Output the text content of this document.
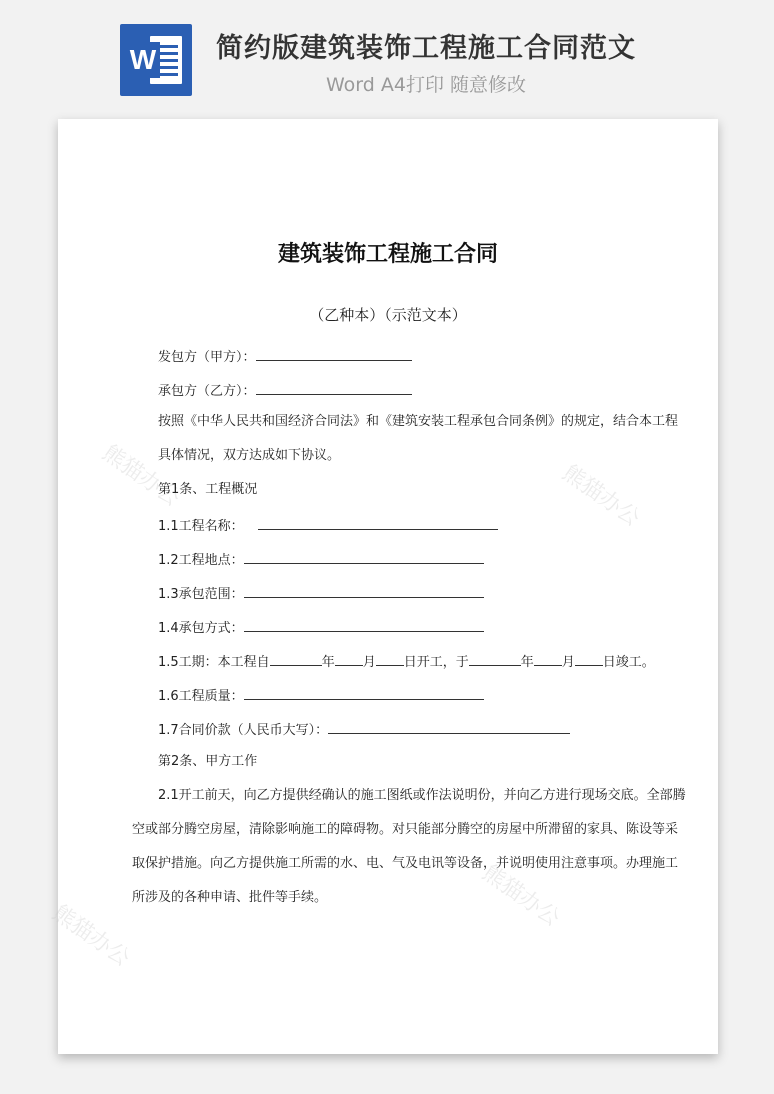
W 简约版建筑装饰工程施工合同范文
Word A4打印 随意修改
熊猫办公	熊猫办公
熊猫办公
熊猫办公
建筑装饰工程施工合同
（乙种本）（示范文本）
发包方（甲方）：
承包方（乙方）：
按照《中华人民共和国经济合同法》和《建筑安装工程承包合同条例》的规定，结合本工程
具体情况，双方达成如下协议。
第1条、工程概况
1.1工程名称：
1.2工程地点：
1.3承包范围：
1.4承包方式：
1.5工期：本工程自	年 月 日开工，于	年 月 日竣工。
1.6工程质量：
1.7合同价款（人民币大写）：
第2条、甲方工作
2.1开工前天，向乙方提供经确认的施工图纸或作法说明份，并向乙方进行现场交底。全部腾
空或部分腾空房屋，清除影响施工的障碍物。对只能部分腾空的房屋中所滞留的家具、陈设等采
取保护措施。向乙方提供施工所需的水、电、气及电讯等设备，并说明使用注意事项。办理施工
所涉及的各种申请、批件等手续。
